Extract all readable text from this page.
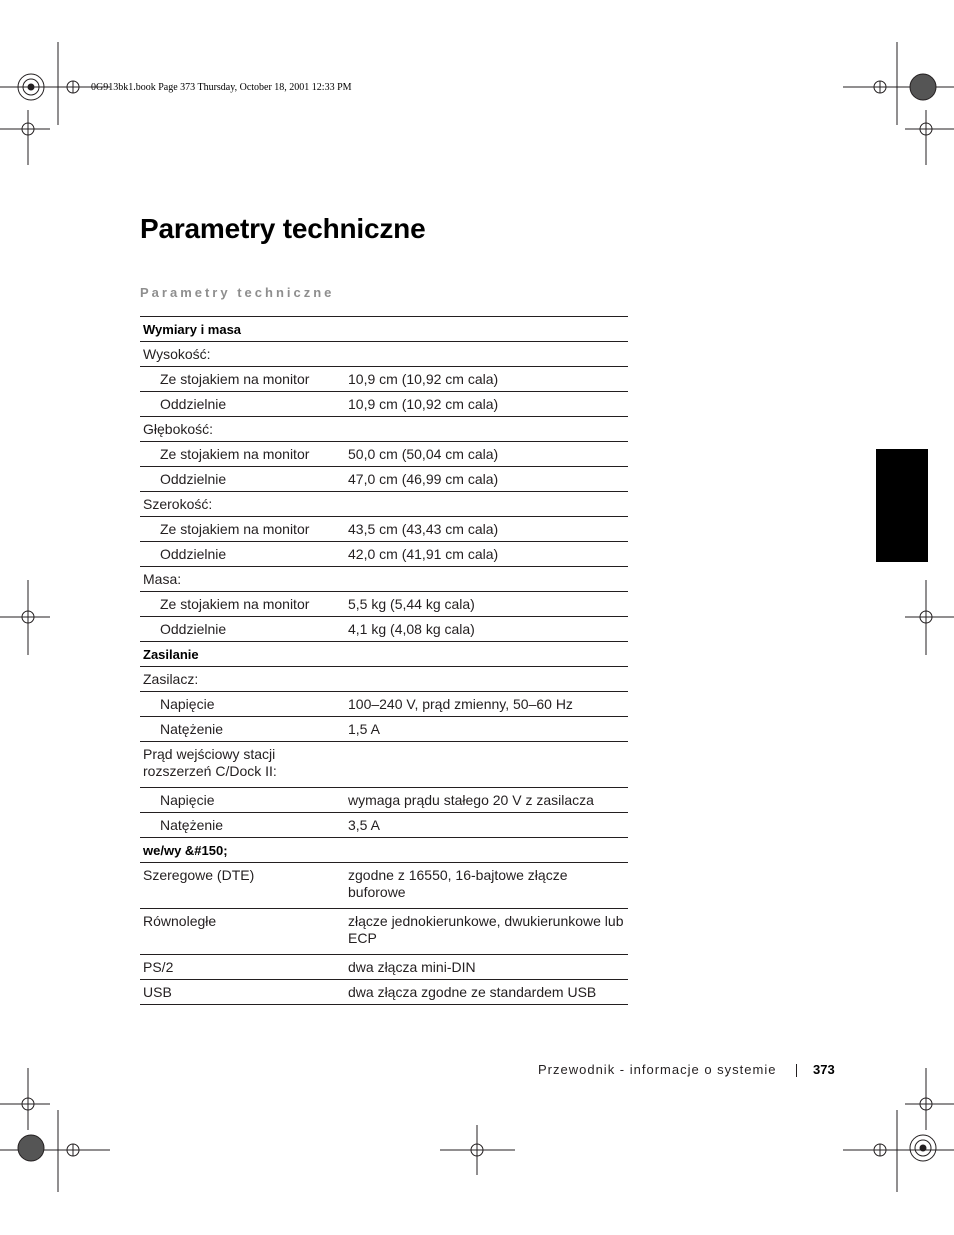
0G913bk1.book Page 373 Thursday, October 18, 2001 12:33 PM
Parametry techniczne
Parametry techniczne
Wymiary i masa	

Wysokość:	

Ze stojakiem na monitor	10,9 cm (10,92 cm cala)

Oddzielnie	10,9 cm (10,92 cm cala)

Głębokość:	

Ze stojakiem na monitor	50,0 cm (50,04 cm cala)

Oddzielnie	47,0 cm (46,99 cm cala)

Szerokość:	

Ze stojakiem na monitor	43,5 cm (43,43 cm cala)

Oddzielnie	42,0 cm (41,91 cm cala)

Masa:	

Ze stojakiem na monitor	5,5 kg (5,44 kg cala)

Oddzielnie	4,1 kg (4,08 kg cala)

Zasilanie	

Zasilacz:	

Napięcie	100–240 V, prąd zmienny, 50–60 Hz

Natężenie	1,5 A

Prąd wejściowy stacji rozszerzeń C/Dock II:	

Napięcie	wymaga prądu stałego 20 V z zasilacza

Natężenie	3,5 A

we/wy &#150;	

Szeregowe (DTE)	zgodne z 16550, 16-bajtowe złącze buforowe

Równoległe	złącze jednokierunkowe, dwukierunkowe lub ECP

PS/2	dwa złącza mini-DIN

USB	dwa złącza zgodne ze standardem USB
Przewodnik - informacje o systemie	373
